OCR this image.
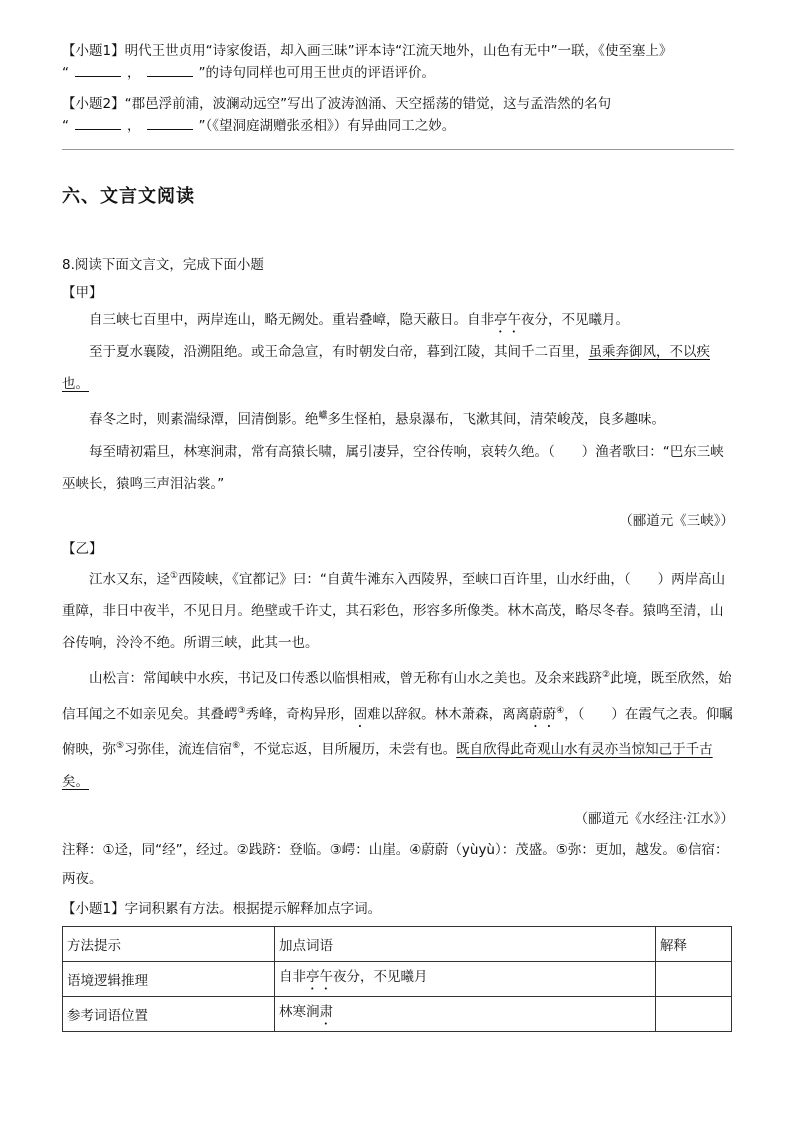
【小题1】明代王世贞用“诗家俊语，却入画三昧”评本诗“江流天地外，山色有无中”一联，《使至塞上》
“	，	”的诗句同样也可用王世贞的评语评价。
【小题2】“郡邑浮前浦，波澜动远空”写出了波涛汹涌、天空摇荡的错觉，这与孟浩然的名句
“	，	”（《望洞庭湖赠张丞相》）有异曲同工之妙。
六、文言文阅读
8.阅读下面文言文，完成下面小题
【甲】
自三峡七百里中，两岸连山，略无阙处。重岩叠嶂，隐天蔽日。自非亭午夜分，不见曦月。
至于夏水襄陵，沿溯阻绝。或王命急宣，有时朝发白帝，暮到江陵，其间千二百里，虽乘奔御风，不以疾也。
春冬之时，则素湍绿潭，回清倒影。绝$^巘$多生怪柏，悬泉瀑布，飞漱其间，清荣峻茂，良多趣味。
每至晴初霜旦，林寒涧肃，常有高猿长啸，属引凄异，空谷传响，哀转久绝。（　　）渔者歌曰：“巴东三峡巫峡长，猿鸣三声泪沾裳。”
（郦道元《三峡》）
【乙】
江水又东，迳①西陵峡，《宜都记》曰：“自黄牛滩东入西陵界，至峡口百许里，山水纡曲，（　　）两岸高山重障，非日中夜半，不见日月。绝壁或千许丈，其石彩色，形容多所像类。林木高茂，略尽冬春。猿鸣至清，山谷传响，泠泠不绝。所谓三峡，此其一也。
山松言：常闻峡中水疾，书记及口传悉以临惧相戒，曾无称有山水之美也。及余来践跻②此境，既至欣然，始信耳闻之不如亲见矣。其叠崿③秀峰，奇构异形，固难以辞叙。林木萧森，离离蔚蔚④，（　　）在霞气之表。仰瞩俯映，弥⑤习弥佳，流连信宿⑥，不觉忘返，目所履历，未尝有也。既自欣得此奇观山水有灵亦当惊知己于千古矣。
（郦道元《水经注·江水》）
注释：①迳，同“经”，经过。②践跻：登临。③崿：山崖。④蔚蔚（yùyù）：茂盛。⑤弥：更加，越发。⑥信宿：两夜。
【小题1】字词积累有方法。根据提示解释加点字词。
方法提示	加点词语	解释
语境逻辑推理	自非亭午夜分，不见曦月	
参考词语位置	林寒涧肃	
